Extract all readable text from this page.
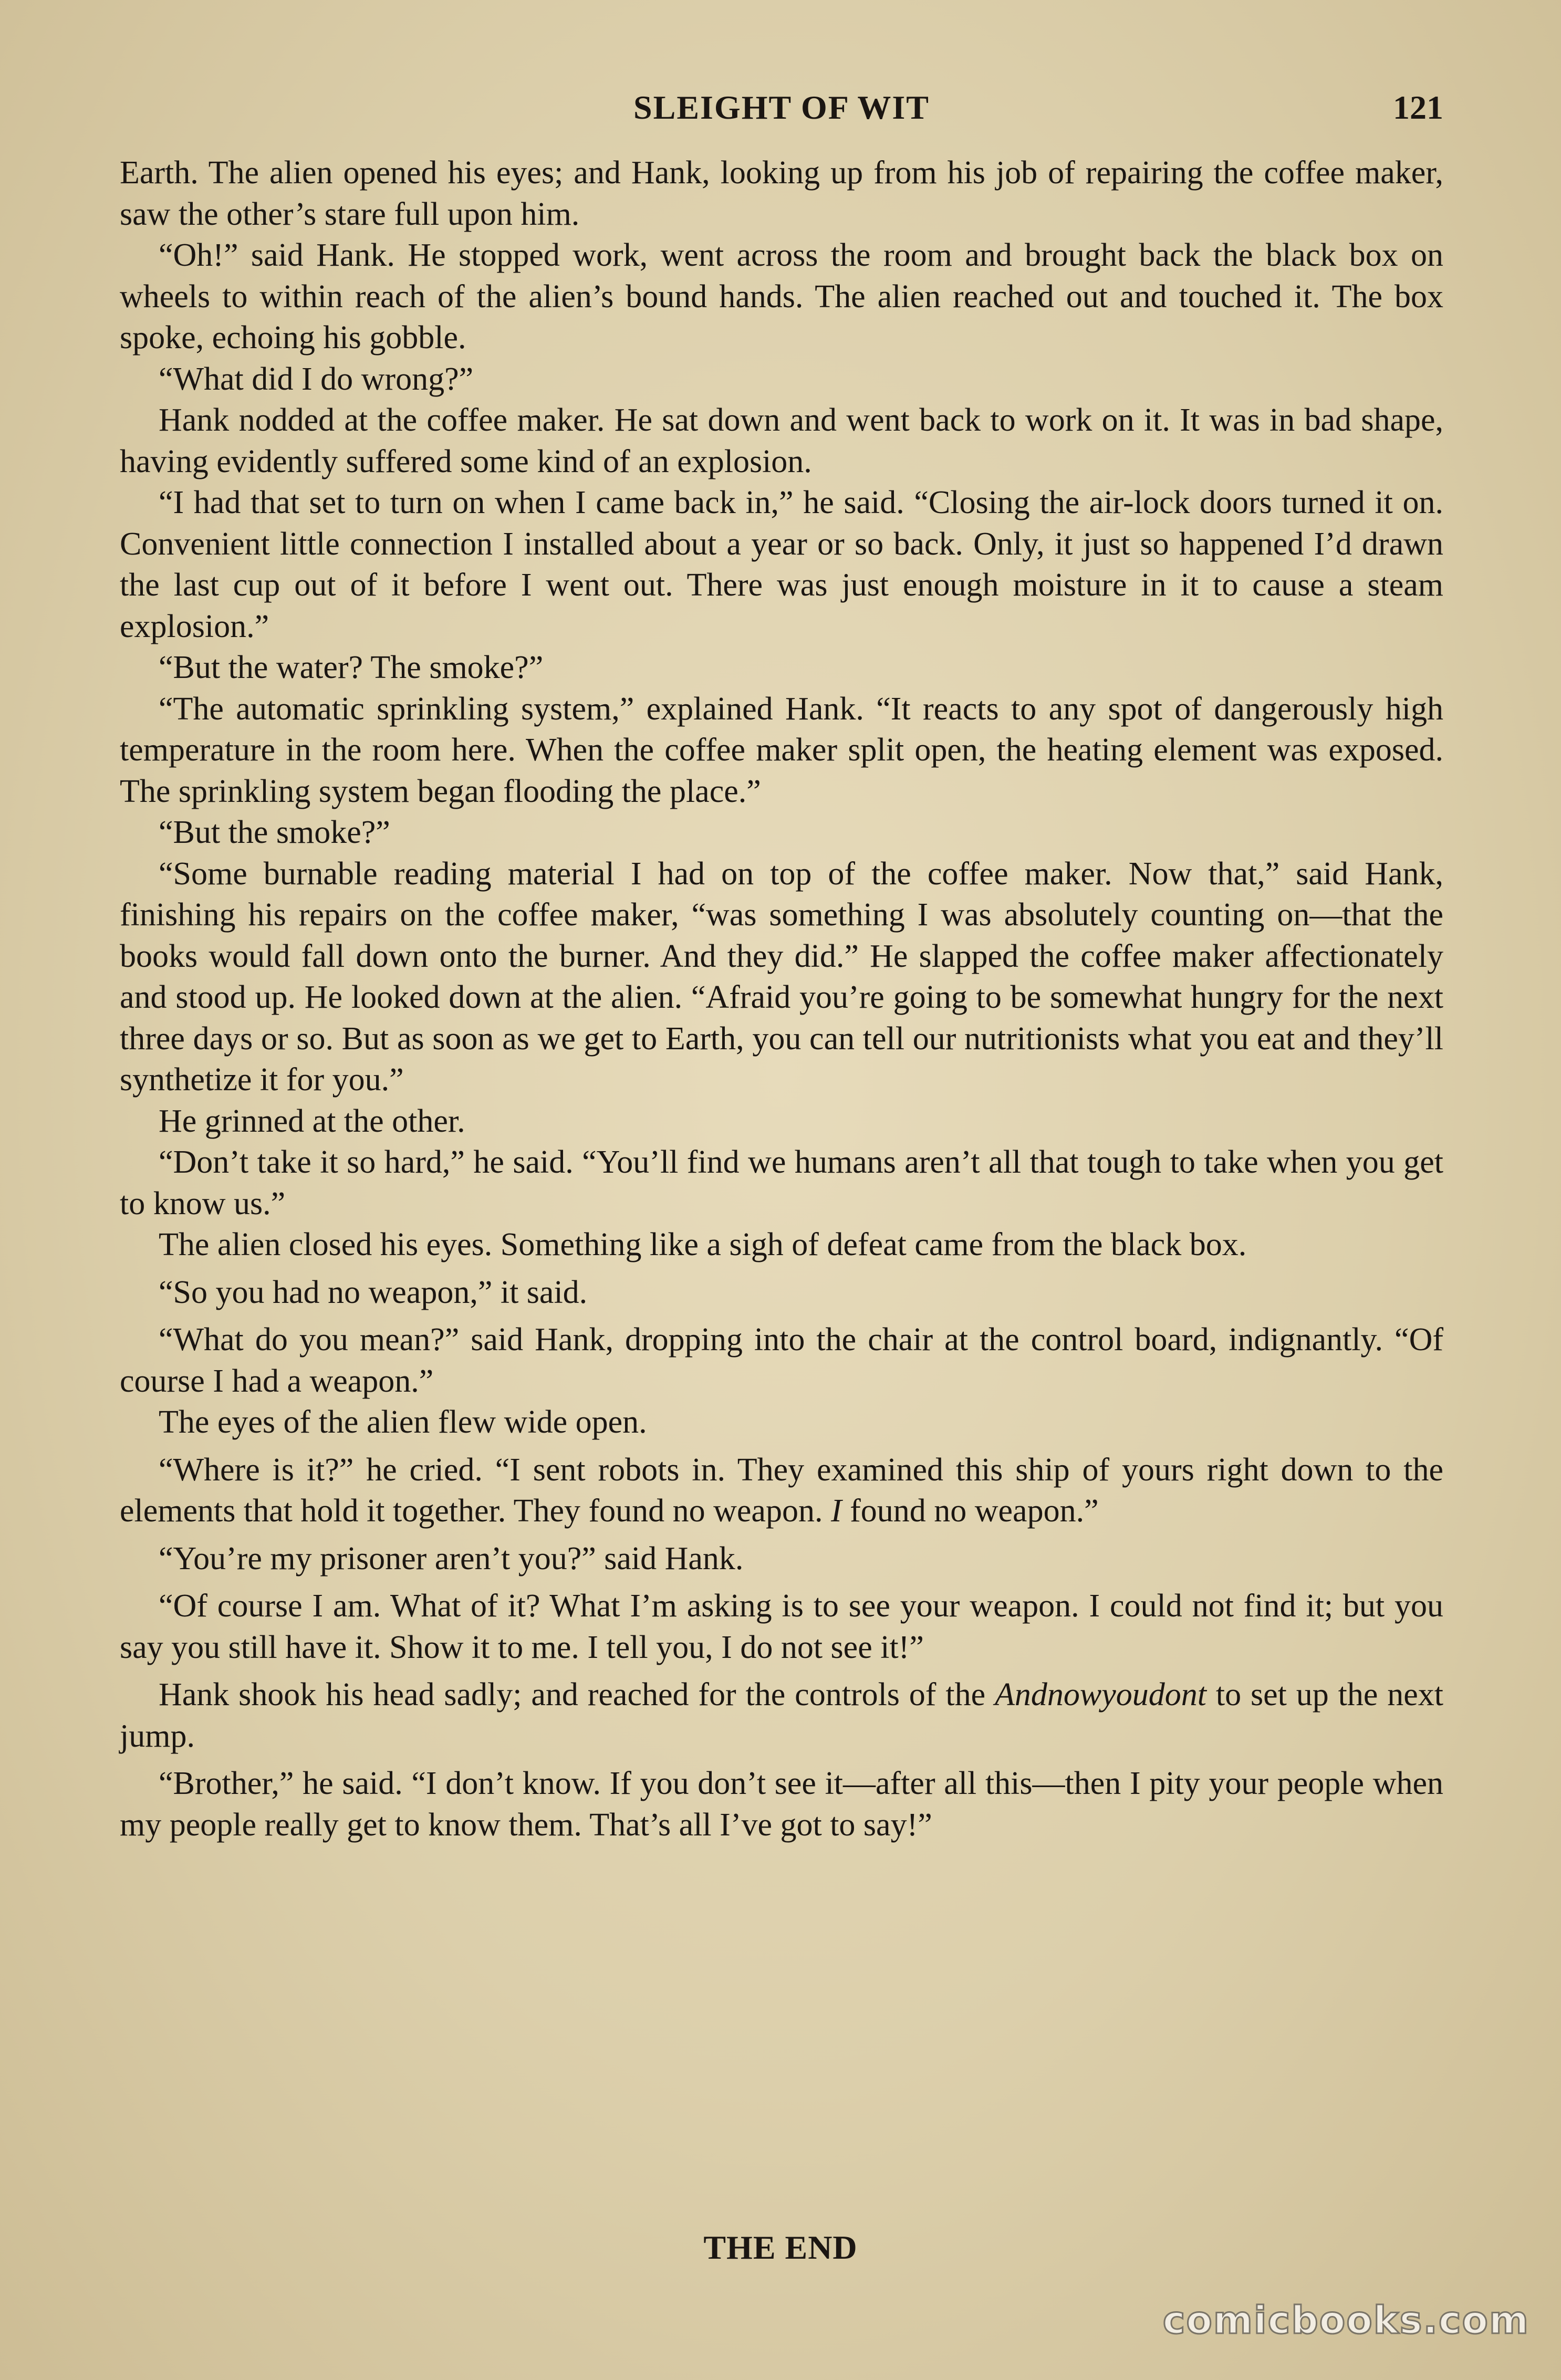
SLEIGHT OF WIT	121

Earth. The alien opened his eyes; and Hank, looking up from his job of repairing the coffee maker, saw the other’s stare full upon him.

“Oh!” said Hank. He stopped work, went across the room and brought back the black box on wheels to within reach of the alien’s bound hands. The alien reached out and touched it. The box spoke, echoing his gobble.

“What did I do wrong?”

Hank nodded at the coffee maker. He sat down and went back to work on it. It was in bad shape, having evidently suffered some kind of an explosion.

“I had that set to turn on when I came back in,” he said. “Closing the air-lock doors turned it on. Convenient little connection I installed about a year or so back. Only, it just so happened I’d drawn the last cup out of it before I went out. There was just enough moisture in it to cause a steam explosion.”

“But the water? The smoke?”

“The automatic sprinkling system,” explained Hank. “It reacts to any spot of dangerously high temperature in the room here. When the coffee maker split open, the heating element was exposed. The sprinkling system began flooding the place.”

“But the smoke?”

“Some burnable reading material I had on top of the coffee maker. Now that,” said Hank, finishing his repairs on the coffee maker, “was something I was absolutely counting on—that the books would fall down onto the burner. And they did.” He slapped the coffee maker affectionately and stood up. He looked down at the alien. “Afraid you’re going to be somewhat hungry for the next three days or so. But as soon as we get to Earth, you can tell our nutritionists what you eat and they’ll synthetize it for you.”

He grinned at the other.

“Don’t take it so hard,” he said. “You’ll find we humans aren’t all that tough to take when you get to know us.”

The alien closed his eyes. Something like a sigh of defeat came from the black box.

“So you had no weapon,” it said.

“What do you mean?” said Hank, dropping into the chair at the control board, indignantly. “Of course I had a weapon.”

The eyes of the alien flew wide open.

“Where is it?” he cried. “I sent robots in. They examined this ship of yours right down to the elements that hold it together. They found no weapon. I found no weapon.”

“You’re my prisoner aren’t you?” said Hank.

“Of course I am. What of it? What I’m asking is to see your weapon. I could not find it; but you say you still have it. Show it to me. I tell you, I do not see it!”

Hank shook his head sadly; and reached for the controls of the Andnowyoudont to set up the next jump.

“Brother,” he said. “I don’t know. If you don’t see it—after all this—then I pity your people when my people really get to know them. That’s all I’ve got to say!”

THE END
comicbooks.com
